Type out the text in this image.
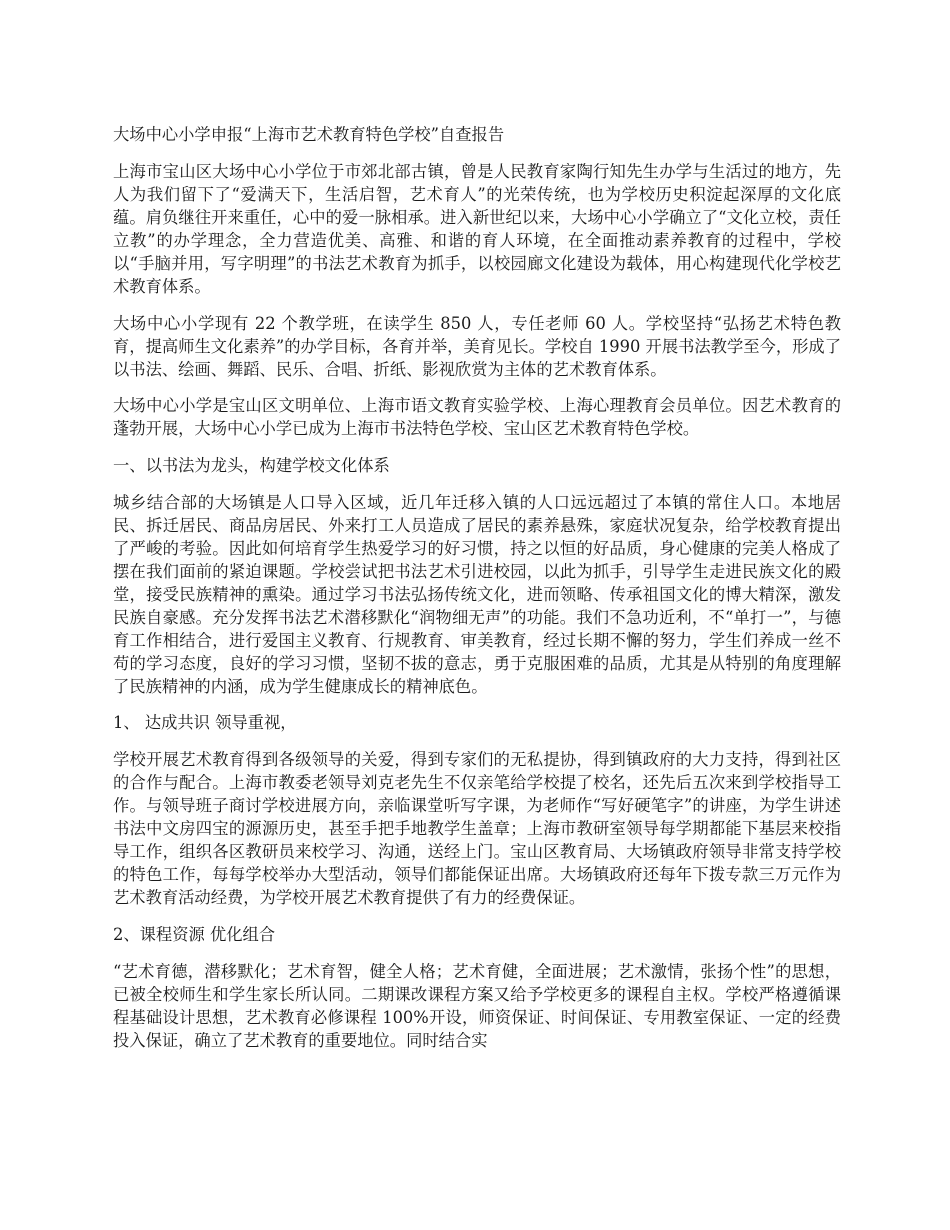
大场中心小学申报“上海市艺术教育特色学校”自查报告

上海市宝山区大场中心小学位于市郊北部古镇，曾是人民教育家陶行知先生办学与生活过的地方，先人为我们留下了“爱满天下，生活启智，艺术育人”的光荣传统，也为学校历史积淀起深厚的文化底蕴。肩负继往开来重任，心中的爱一脉相承。进入新世纪以来，大场中心小学确立了“文化立校，责任立教”的办学理念，全力营造优美、高雅、和谐的育人环境，在全面推动素养教育的过程中，学校以“手脑并用，写字明理”的书法艺术教育为抓手，以校园廊文化建设为载体，用心构建现代化学校艺术教育体系。

大场中心小学现有 22 个教学班，在读学生 850 人，专任老师 60 人。学校坚持“弘扬艺术特色教育，提高师生文化素养”的办学目标，各育并举，美育见长。学校自 1990 开展书法教学至今，形成了以书法、绘画、舞蹈、民乐、合唱、折纸、影视欣赏为主体的艺术教育体系。

大场中心小学是宝山区文明单位、上海市语文教育实验学校、上海心理教育会员单位。因艺术教育的蓬勃开展，大场中心小学已成为上海市书法特色学校、宝山区艺术教育特色学校。

一、以书法为龙头，构建学校文化体系

城乡结合部的大场镇是人口导入区域，近几年迁移入镇的人口远远超过了本镇的常住人口。本地居民、拆迁居民、商品房居民、外来打工人员造成了居民的素养悬殊，家庭状况复杂，给学校教育提出了严峻的考验。因此如何培育学生热爱学习的好习惯，持之以恒的好品质，身心健康的完美人格成了摆在我们面前的紧迫课题。学校尝试把书法艺术引进校园，以此为抓手，引导学生走进民族文化的殿堂，接受民族精神的熏染。通过学习书法弘扬传统文化，进而领略、传承祖国文化的博大精深，激发民族自豪感。充分发挥书法艺术潜移默化“润物细无声”的功能。我们不急功近利，不“单打一”，与德育工作相结合，进行爱国主义教育、行规教育、审美教育，经过长期不懈的努力，学生们养成一丝不苟的学习态度，良好的学习习惯，坚韧不拔的意志，勇于克服困难的品质，尤其是从特别的角度理解了民族精神的内涵，成为学生健康成长的精神底色。

1、 达成共识 领导重视，

学校开展艺术教育得到各级领导的关爱，得到专家们的无私提协，得到镇政府的大力支持，得到社区的合作与配合。上海市教委老领导刘克老先生不仅亲笔给学校提了校名，还先后五次来到学校指导工作。与领导班子商讨学校进展方向，亲临课堂听写字课，为老师作“写好硬笔字”的讲座，为学生讲述书法中文房四宝的源源历史，甚至手把手地教学生盖章；上海市教研室领导每学期都能下基层来校指导工作，组织各区教研员来校学习、沟通，送经上门。宝山区教育局、大场镇政府领导非常支持学校的特色工作，每每学校举办大型活动，领导们都能保证出席。大场镇政府还每年下拨专款三万元作为艺术教育活动经费，为学校开展艺术教育提供了有力的经费保证。

2、课程资源 优化组合

“艺术育德，潜移默化；艺术育智，健全人格；艺术育健，全面进展；艺术激情，张扬个性”的思想，已被全校师生和学生家长所认同。二期课改课程方案又给予学校更多的课程自主权。学校严格遵循课程基础设计思想，艺术教育必修课程 100%开设，师资保证、时间保证、专用教室保证、一定的经费投入保证，确立了艺术教育的重要地位。同时结合实
